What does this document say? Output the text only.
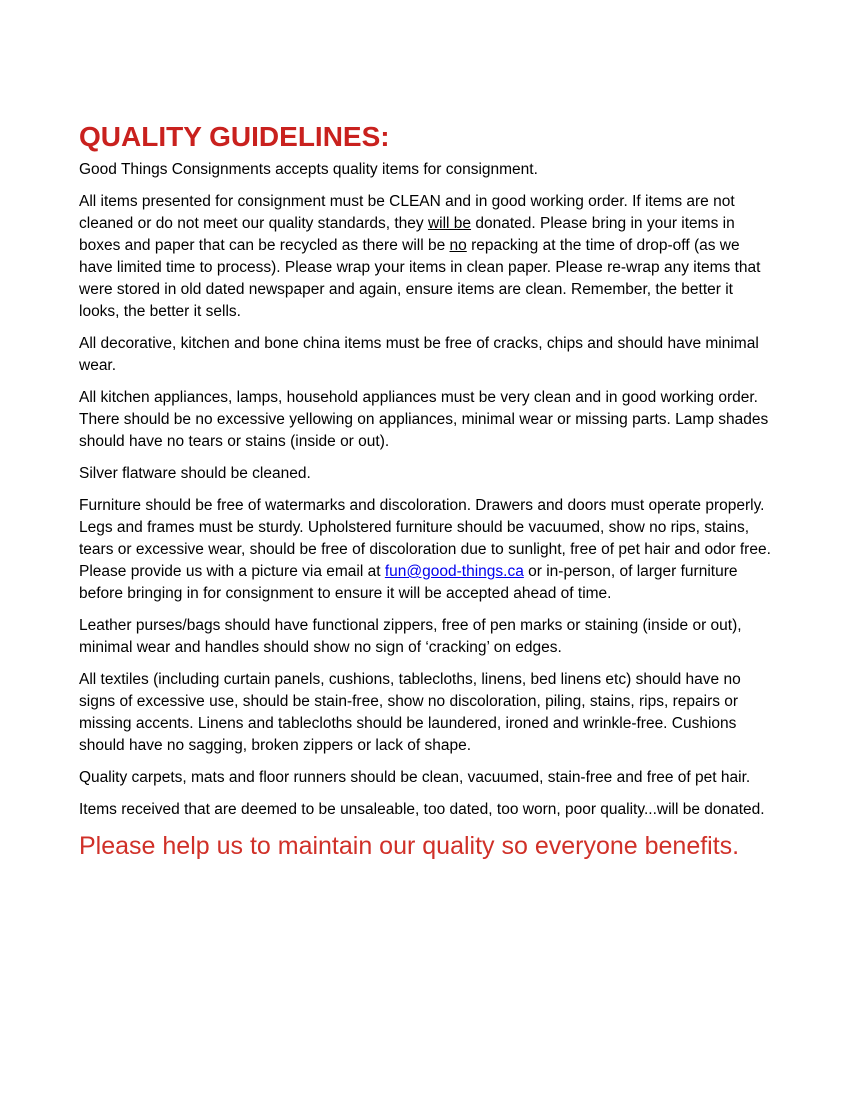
QUALITY GUIDELINES:

Good Things Consignments accepts quality items for consignment.

All items presented for consignment must be CLEAN and in good working order. If items are not cleaned or do not meet our quality standards, they will be donated. Please bring in your items in boxes and paper that can be recycled as there will be no repacking at the time of drop-off (as we have limited time to process). Please wrap your items in clean paper. Please re-wrap any items that were stored in old dated newspaper and again, ensure items are clean. Remember, the better it looks, the better it sells.

All decorative, kitchen and bone china items must be free of cracks, chips and should have minimal wear.

All kitchen appliances, lamps, household appliances must be very clean and in good working order. There should be no excessive yellowing on appliances, minimal wear or missing parts. Lamp shades should have no tears or stains (inside or out).

Silver flatware should be cleaned.

Furniture should be free of watermarks and discoloration. Drawers and doors must operate properly. Legs and frames must be sturdy. Upholstered furniture should be vacuumed, show no rips, stains, tears or excessive wear, should be free of discoloration due to sunlight, free of pet hair and odor free. Please provide us with a picture via email at fun@good-things.ca or in-person, of larger furniture before bringing in for consignment to ensure it will be accepted ahead of time.

Leather purses/bags should have functional zippers, free of pen marks or staining (inside or out), minimal wear and handles should show no sign of ‘cracking’ on edges.

All textiles (including curtain panels, cushions, tablecloths, linens, bed linens etc) should have no signs of excessive use, should be stain-free, show no discoloration, piling, stains, rips, repairs or missing accents. Linens and tablecloths should be laundered, ironed and wrinkle-free. Cushions should have no sagging, broken zippers or lack of shape.

Quality carpets, mats and floor runners should be clean, vacuumed, stain-free and free of pet hair.

Items received that are deemed to be unsaleable, too dated, too worn, poor quality...will be donated.

Please help us to maintain our quality so everyone benefits.
